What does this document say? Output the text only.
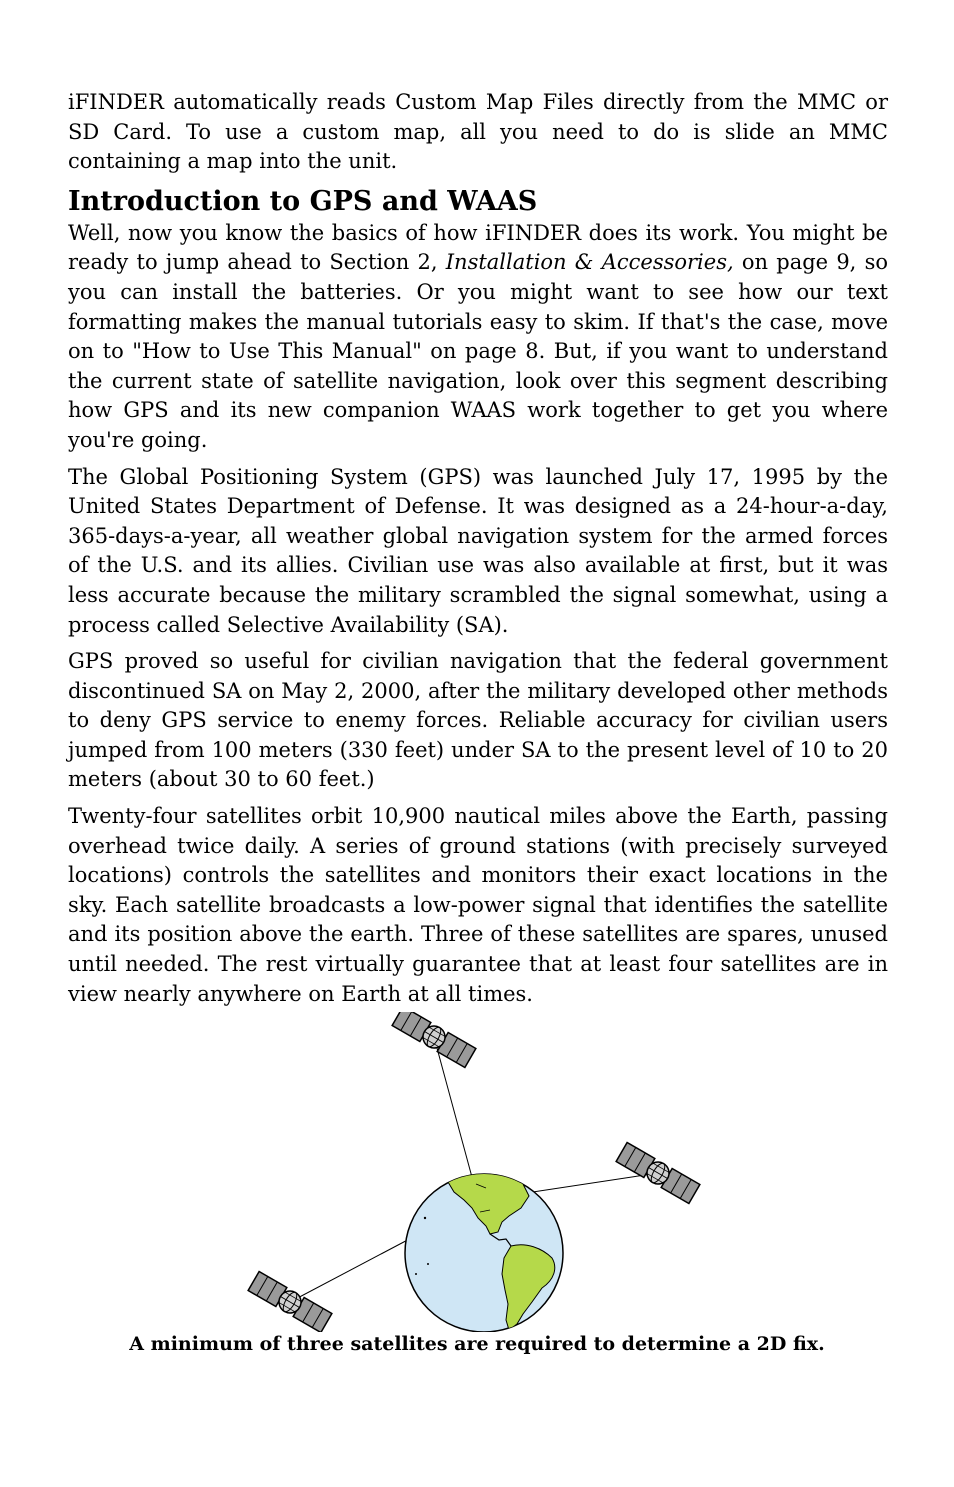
iFINDER automatically reads Custom Map Files directly from the MMC or SD Card. To use a custom map, all you need to do is slide an MMC containing a map into the unit.

Introduction to GPS and WAAS

Well, now you know the basics of how iFINDER does its work. You might be ready to jump ahead to Section 2, Installation & Accessories, on page 9, so you can install the batteries. Or you might want to see how our text formatting makes the manual tutorials easy to skim. If that's the case, move on to "How to Use This Manual" on page 8. But, if you want to understand the current state of satellite navigation, look over this segment describing how GPS and its new companion WAAS work together to get you where you're going.

The Global Positioning System (GPS) was launched July 17, 1995 by the United States Department of Defense. It was designed as a 24-hour-a-day, 365-days-a-year, all weather global navigation system for the armed forces of the U.S. and its allies. Civilian use was also available at first, but it was less accurate because the military scrambled the signal somewhat, using a process called Selective Availability (SA).

GPS proved so useful for civilian navigation that the federal government discontinued SA on May 2, 2000, after the military developed other methods to deny GPS service to enemy forces. Reliable accuracy for civilian users jumped from 100 meters (330 feet) under SA to the present level of 10 to 20 meters (about 30 to 60 feet.)

Twenty-four satellites orbit 10,900 nautical miles above the Earth, passing overhead twice daily. A series of ground stations (with precisely surveyed locations) controls the satellites and monitors their exact locations in the sky. Each satellite broadcasts a low-power signal that identifies the satellite and its position above the earth. Three of these satellites are spares, unused until needed. The rest virtually guarantee that at least four satellites are in view nearly anywhere on Earth at all times.

A minimum of three satellites are required to determine a 2D fix.
